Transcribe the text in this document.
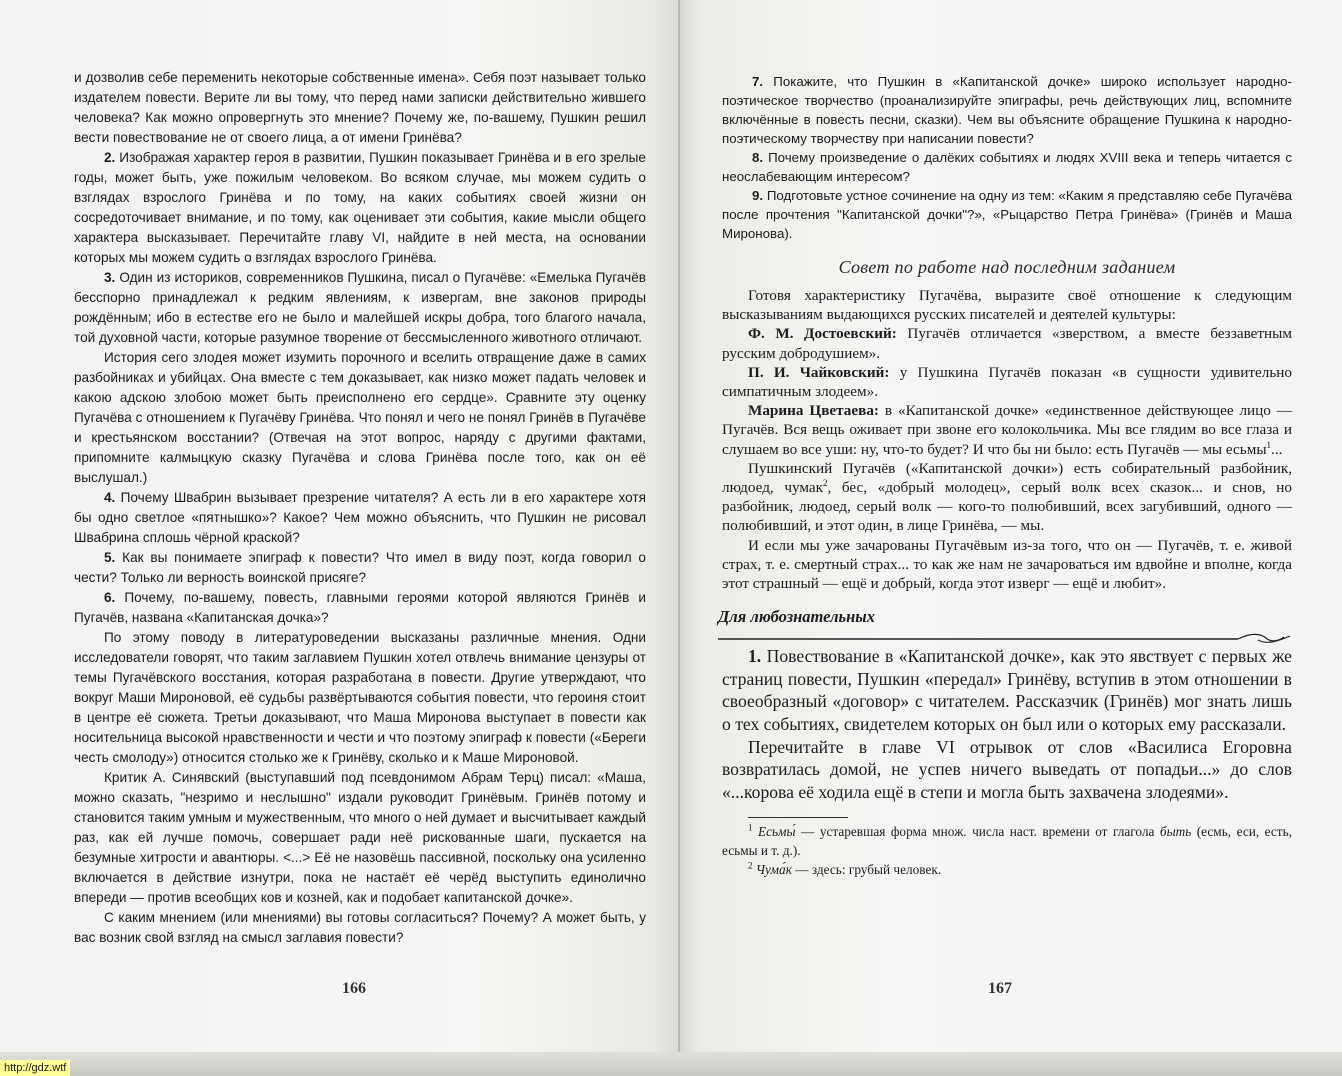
и дозволив себе переменить некоторые собственные имена». Себя поэт называет только издателем повести. Верите ли вы тому, что перед нами записки действительно жившего человека? Как можно опровергнуть это мнение? Почему же, по-вашему, Пушкин решил вести повествование не от своего лица, а от имени Гринёва?

2. Изображая характер героя в развитии, Пушкин показывает Гринёва и в его зрелые годы, может быть, уже пожилым человеком. Во всяком случае, мы можем судить о взглядах взрослого Гринёва и по тому, на каких событиях своей жизни он сосредоточивает внимание, и по тому, как оценивает эти события, какие мысли общего характера высказывает. Перечитайте главу VI, найдите в ней места, на основании которых мы можем судить о взглядах взрослого Гринёва.

3. Один из историков, современников Пушкина, писал о Пугачёве: «Емелька Пугачёв бесспорно принадлежал к редким явлениям, к извергам, вне законов природы рождённым; ибо в естестве его не было и малейшей искры добра, того благого начала, той духовной части, которые разумное творение от бессмысленного животного отличают.

История сего злодея может изумить порочного и вселить отвращение даже в самих разбойниках и убийцах. Она вместе с тем доказывает, как низко может падать человек и какою адскою злобою может быть преисполнено его сердце». Сравните эту оценку Пугачёва с отношением к Пугачёву Гринёва. Что понял и чего не понял Гринёв в Пугачёве и крестьянском восстании? (Отвечая на этот вопрос, наряду с другими фактами, припомните калмыцкую сказку Пугачёва и слова Гринёва после того, как он её выслушал.)

4. Почему Швабрин вызывает презрение читателя? А есть ли в его характере хотя бы одно светлое «пятнышко»? Какое? Чем можно объяснить, что Пушкин не рисовал Швабрина сплошь чёрной краской?

5. Как вы понимаете эпиграф к повести? Что имел в виду поэт, когда говорил о чести? Только ли верность воинской присяге?

6. Почему, по-вашему, повесть, главными героями которой являются Гринёв и Пугачёв, названа «Капитанская дочка»?

По этому поводу в литературоведении высказаны различные мнения. Одни исследователи говорят, что таким заглавием Пушкин хотел отвлечь внимание цензуры от темы Пугачёвского восстания, которая разработана в повести. Другие утверждают, что вокруг Маши Мироновой, её судьбы развёртываются события повести, что героиня стоит в центре её сюжета. Третьи доказывают, что Маша Миронова выступает в повести как носительница высокой нравственности и чести и что поэтому эпиграф к повести («Береги честь смолоду») относится столько же к Гринёву, сколько и к Маше Мироновой.

Критик А. Синявский (выступавший под псевдонимом Абрам Терц) писал: «Маша, можно сказать, "незримо и неслышно" издали руководит Гринёвым. Гринёв потому и становится таким умным и мужественным, что много о ней думает и высчитывает каждый раз, как ей лучше помочь, совершает ради неё рискованные шаги, пускается на безумные хитрости и авантюры. <...> Её не назовёшь пассивной, поскольку она усиленно включается в действие изнутри, пока не настаёт её черёд выступить единолично впереди — против всеобщих ков и козней, как и подобает капитанской дочке».

С каким мнением (или мнениями) вы готовы согласиться? Почему? А может быть, у вас возник свой взгляд на смысл заглавия повести?

166

7. Покажите, что Пушкин в «Капитанской дочке» широко использует народно-поэтическое творчество (проанализируйте эпиграфы, речь действующих лиц, вспомните включённые в повесть песни, сказки). Чем вы объясните обращение Пушкина к народно-поэтическому творчеству при написании повести?

8. Почему произведение о далёких событиях и людях XVIII века и теперь читается с неослабевающим интересом?

9. Подготовьте устное сочинение на одну из тем: «Каким я представляю себе Пугачёва после прочтения "Капитанской дочки"?», «Рыцарство Петра Гринёва» (Гринёв и Маша Миронова).

Совет по работе над последним заданием

Готовя характеристику Пугачёва, выразите своё отношение к следующим высказываниям выдающихся русских писателей и деятелей культуры:

Ф. М. Достоевский: Пугачёв отличается «зверством, а вместе беззаветным русским добродушием».

П. И. Чайковский: у Пушкина Пугачёв показан «в сущности удивительно симпатичным злодеем».

Марина Цветаева: в «Капитанской дочке» «единственное действующее лицо — Пугачёв. Вся вещь оживает при звоне его колокольчика. Мы все глядим во все глаза и слушаем во все уши: ну, что-то будет? И что бы ни было: есть Пугачёв — мы есьмы$^1$...

Пушкинский Пугачёв («Капитанской дочки») есть собирательный разбойник, людоед, чумак$^2$, бес, «добрый молодец», серый волк всех сказок... и снов, но разбойник, людоед, серый волк — кого-то полюбивший, всех загубивший, одного — полюбивший, и этот один, в лице Гринёва, — мы.

И если мы уже зачарованы Пугачёвым из-за того, что он — Пугачёв, т. е. живой страх, т. е. смертный страх... то как же нам не зачароваться им вдвойне и вполне, когда этот страшный — ещё и добрый, когда этот изверг — ещё и любит».

Для любознательных

1. Повествование в «Капитанской дочке», как это явствует с первых же страниц повести, Пушкин «передал» Гринёву, вступив в этом отношении в своеобразный «договор» с читателем. Рассказчик (Гринёв) мог знать лишь о тех событиях, свидетелем которых он был или о которых ему рассказали.

Перечитайте в главе VI отрывок от слов «Василиса Егоровна возвратилась домой, не успев ничего выведать от попадьи...» до слов «...корова её ходила ещё в степи и могла быть захвачена злодеями».

$^1$ Есьмы́ — устаревшая форма множ. числа наст. времени от глагола быть (есмь, еси, есть, есьмы и т. д.).

$^2$ Чума́к — здесь: грубый человек.

167
http://gdz.wtf
